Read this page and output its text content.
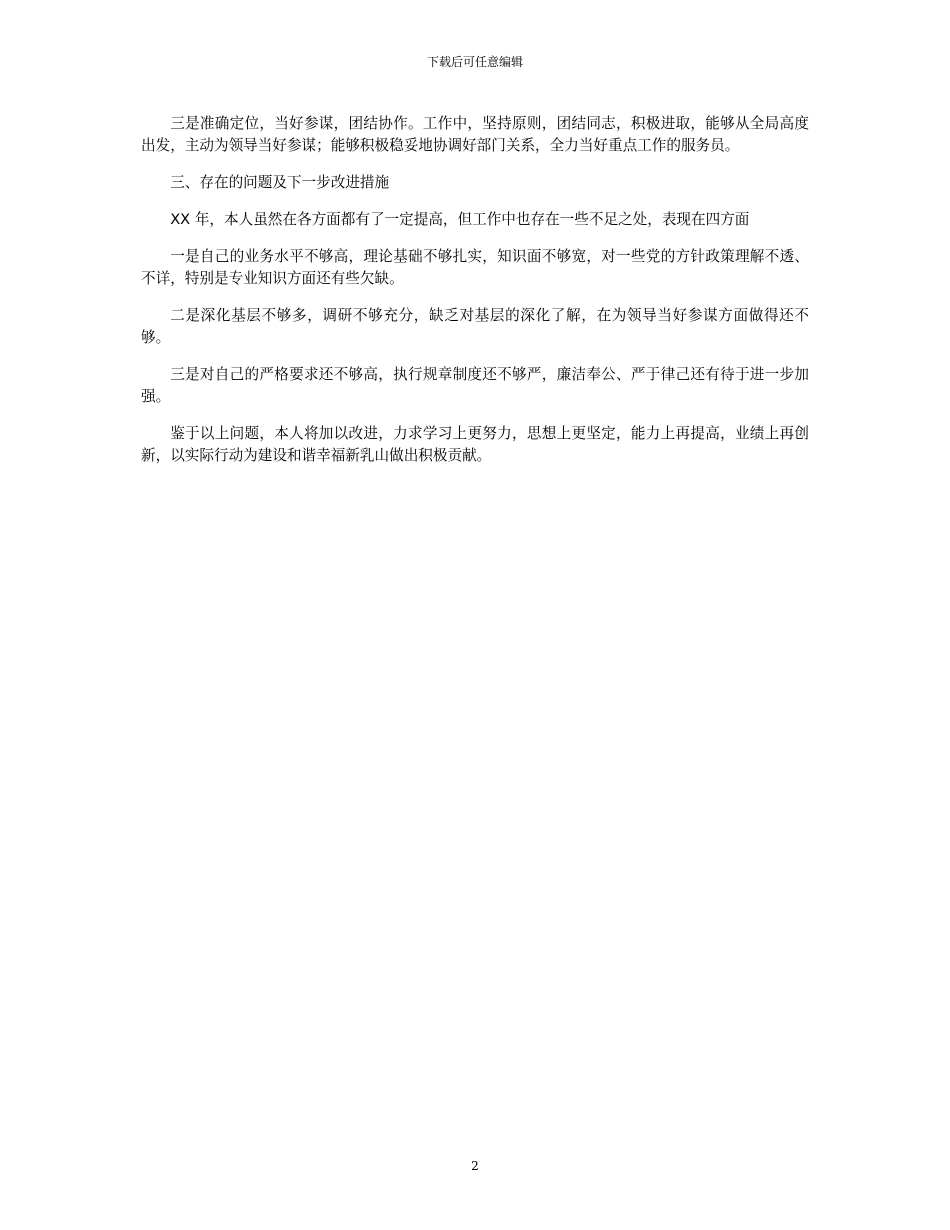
下载后可任意编辑

三是准确定位，当好参谋，团结协作。工作中，坚持原则，团结同志，积极进取，能够从全局高度出发，主动为领导当好参谋；能够积极稳妥地协调好部门关系，全力当好重点工作的服务员。

三、存在的问题及下一步改进措施

XX 年，本人虽然在各方面都有了一定提高，但工作中也存在一些不足之处，表现在四方面

一是自己的业务水平不够高，理论基础不够扎实，知识面不够宽，对一些党的方针政策理解不透、不详，特别是专业知识方面还有些欠缺。

二是深化基层不够多，调研不够充分，缺乏对基层的深化了解，在为领导当好参谋方面做得还不够。

三是对自己的严格要求还不够高，执行规章制度还不够严，廉洁奉公、严于律己还有待于进一步加强。

鉴于以上问题，本人将加以改进，力求学习上更努力，思想上更坚定，能力上再提高，业绩上再创新，以实际行动为建设和谐幸福新乳山做出积极贡献。

2
